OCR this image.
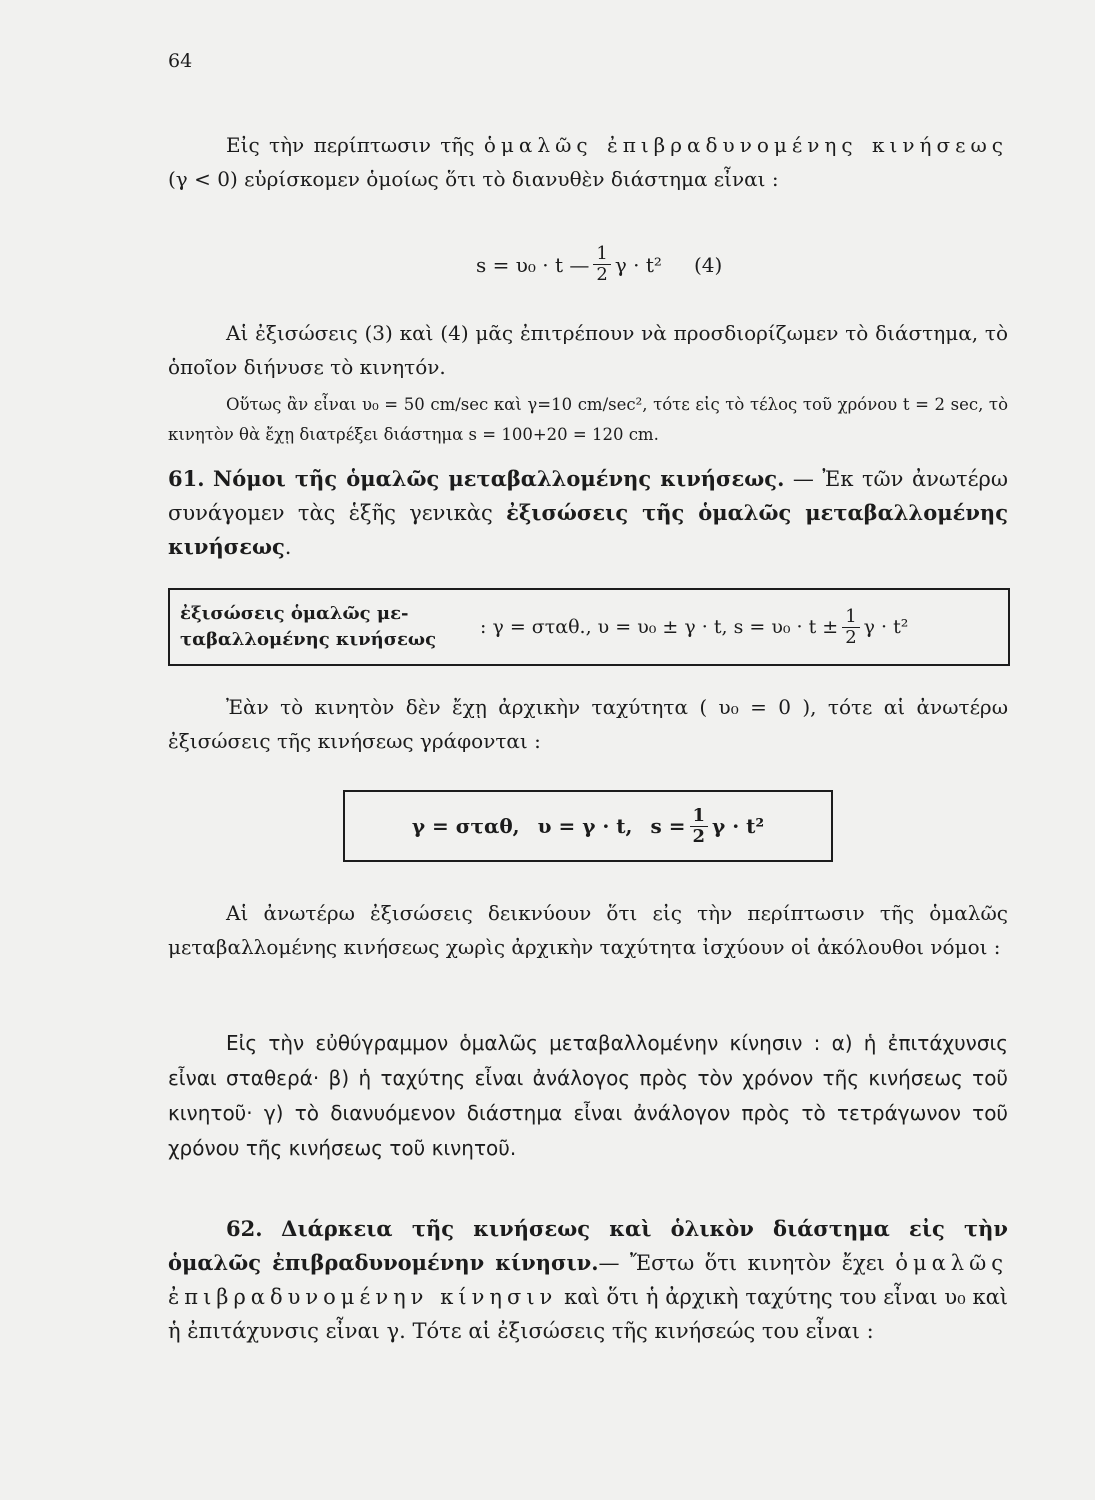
64

Εἰς τὴν περίπτωσιν τῆς ὁμαλῶς ἐπιβραδυνομένης κινήσεως (γ < 0) εὑρίσκομεν ὁμοίως ὅτι τὸ διανυθὲν διάστημα εἶναι :

s = υ₀ · t — $\frac{1}{2}$ γ · t² (4)

Αἱ ἐξισώσεις (3) καὶ (4) μᾶς ἐπιτρέπουν νὰ προσδιορίζωμεν τὸ διάστημα, τὸ ὁποῖον διήνυσε τὸ κινητόν.

Οὕτως ἂν εἶναι υ₀ = 50 cm/sec καὶ γ=10 cm/sec², τότε εἰς τὸ τέλος τοῦ χρόνου t = 2 sec, τὸ κινητὸν θὰ ἔχῃ διατρέξει διάστημα s = 100+20 = 120 cm.

61. Νόμοι τῆς ὁμαλῶς μεταβαλλομένης κινήσεως. — Ἐκ τῶν ἀνωτέρω συνάγομεν τὰς ἑξῆς γενικὰς ἐξισώσεις τῆς ὁμαλῶς μεταβαλλομένης κινήσεως.

ἐξισώσεις ὁμαλῶς με-
ταβαλλομένης κινήσεως
: γ = σταθ., υ = υ₀ ± γ · t, $s = \upsilon_0 \cdot t \pm \frac{1}{2}$ γ · t²

Ἐὰν τὸ κινητὸν δὲν ἔχῃ ἀρχικὴν ταχύτητα ( υ₀ = 0 ), τότε αἱ ἀνωτέρω ἐξισώσεις τῆς κινήσεως γράφονται :

γ = σταθ, υ = γ · t, $s = \frac{1}{2}$ γ · t²

Αἱ ἀνωτέρω ἐξισώσεις δεικνύουν ὅτι εἰς τὴν περίπτωσιν τῆς ὁμαλῶς μεταβαλλομένης κινήσεως χωρὶς ἀρχικὴν ταχύτητα ἰσχύουν οἱ ἀκόλουθοι νόμοι :

Εἰς τὴν εὐθύγραμμον ὁμαλῶς μεταβαλλομένην κίνησιν : α) ἡ ἐπιτάχυνσις εἶναι σταθερά· β) ἡ ταχύτης εἶναι ἀνάλογος πρὸς τὸν χρόνον τῆς κινήσεως τοῦ κινητοῦ· γ) τὸ διανυόμενον διάστημα εἶναι ἀνάλογον πρὸς τὸ τετράγωνον τοῦ χρόνου τῆς κινήσεως τοῦ κινητοῦ.

62. Διάρκεια τῆς κινήσεως καὶ ὁλικὸν διάστημα εἰς τὴν ὁμαλῶς ἐπιβραδυνομένην κίνησιν.— Ἔστω ὅτι κινητὸν ἔχει ὁμαλῶς ἐπιβραδυνομένην κίνησιν καὶ ὅτι ἡ ἀρχικὴ ταχύτης του εἶναι υ₀ καὶ ἡ ἐπιτάχυνσις εἶναι γ. Τότε αἱ ἐξισώσεις τῆς κινήσεώς του εἶναι :
